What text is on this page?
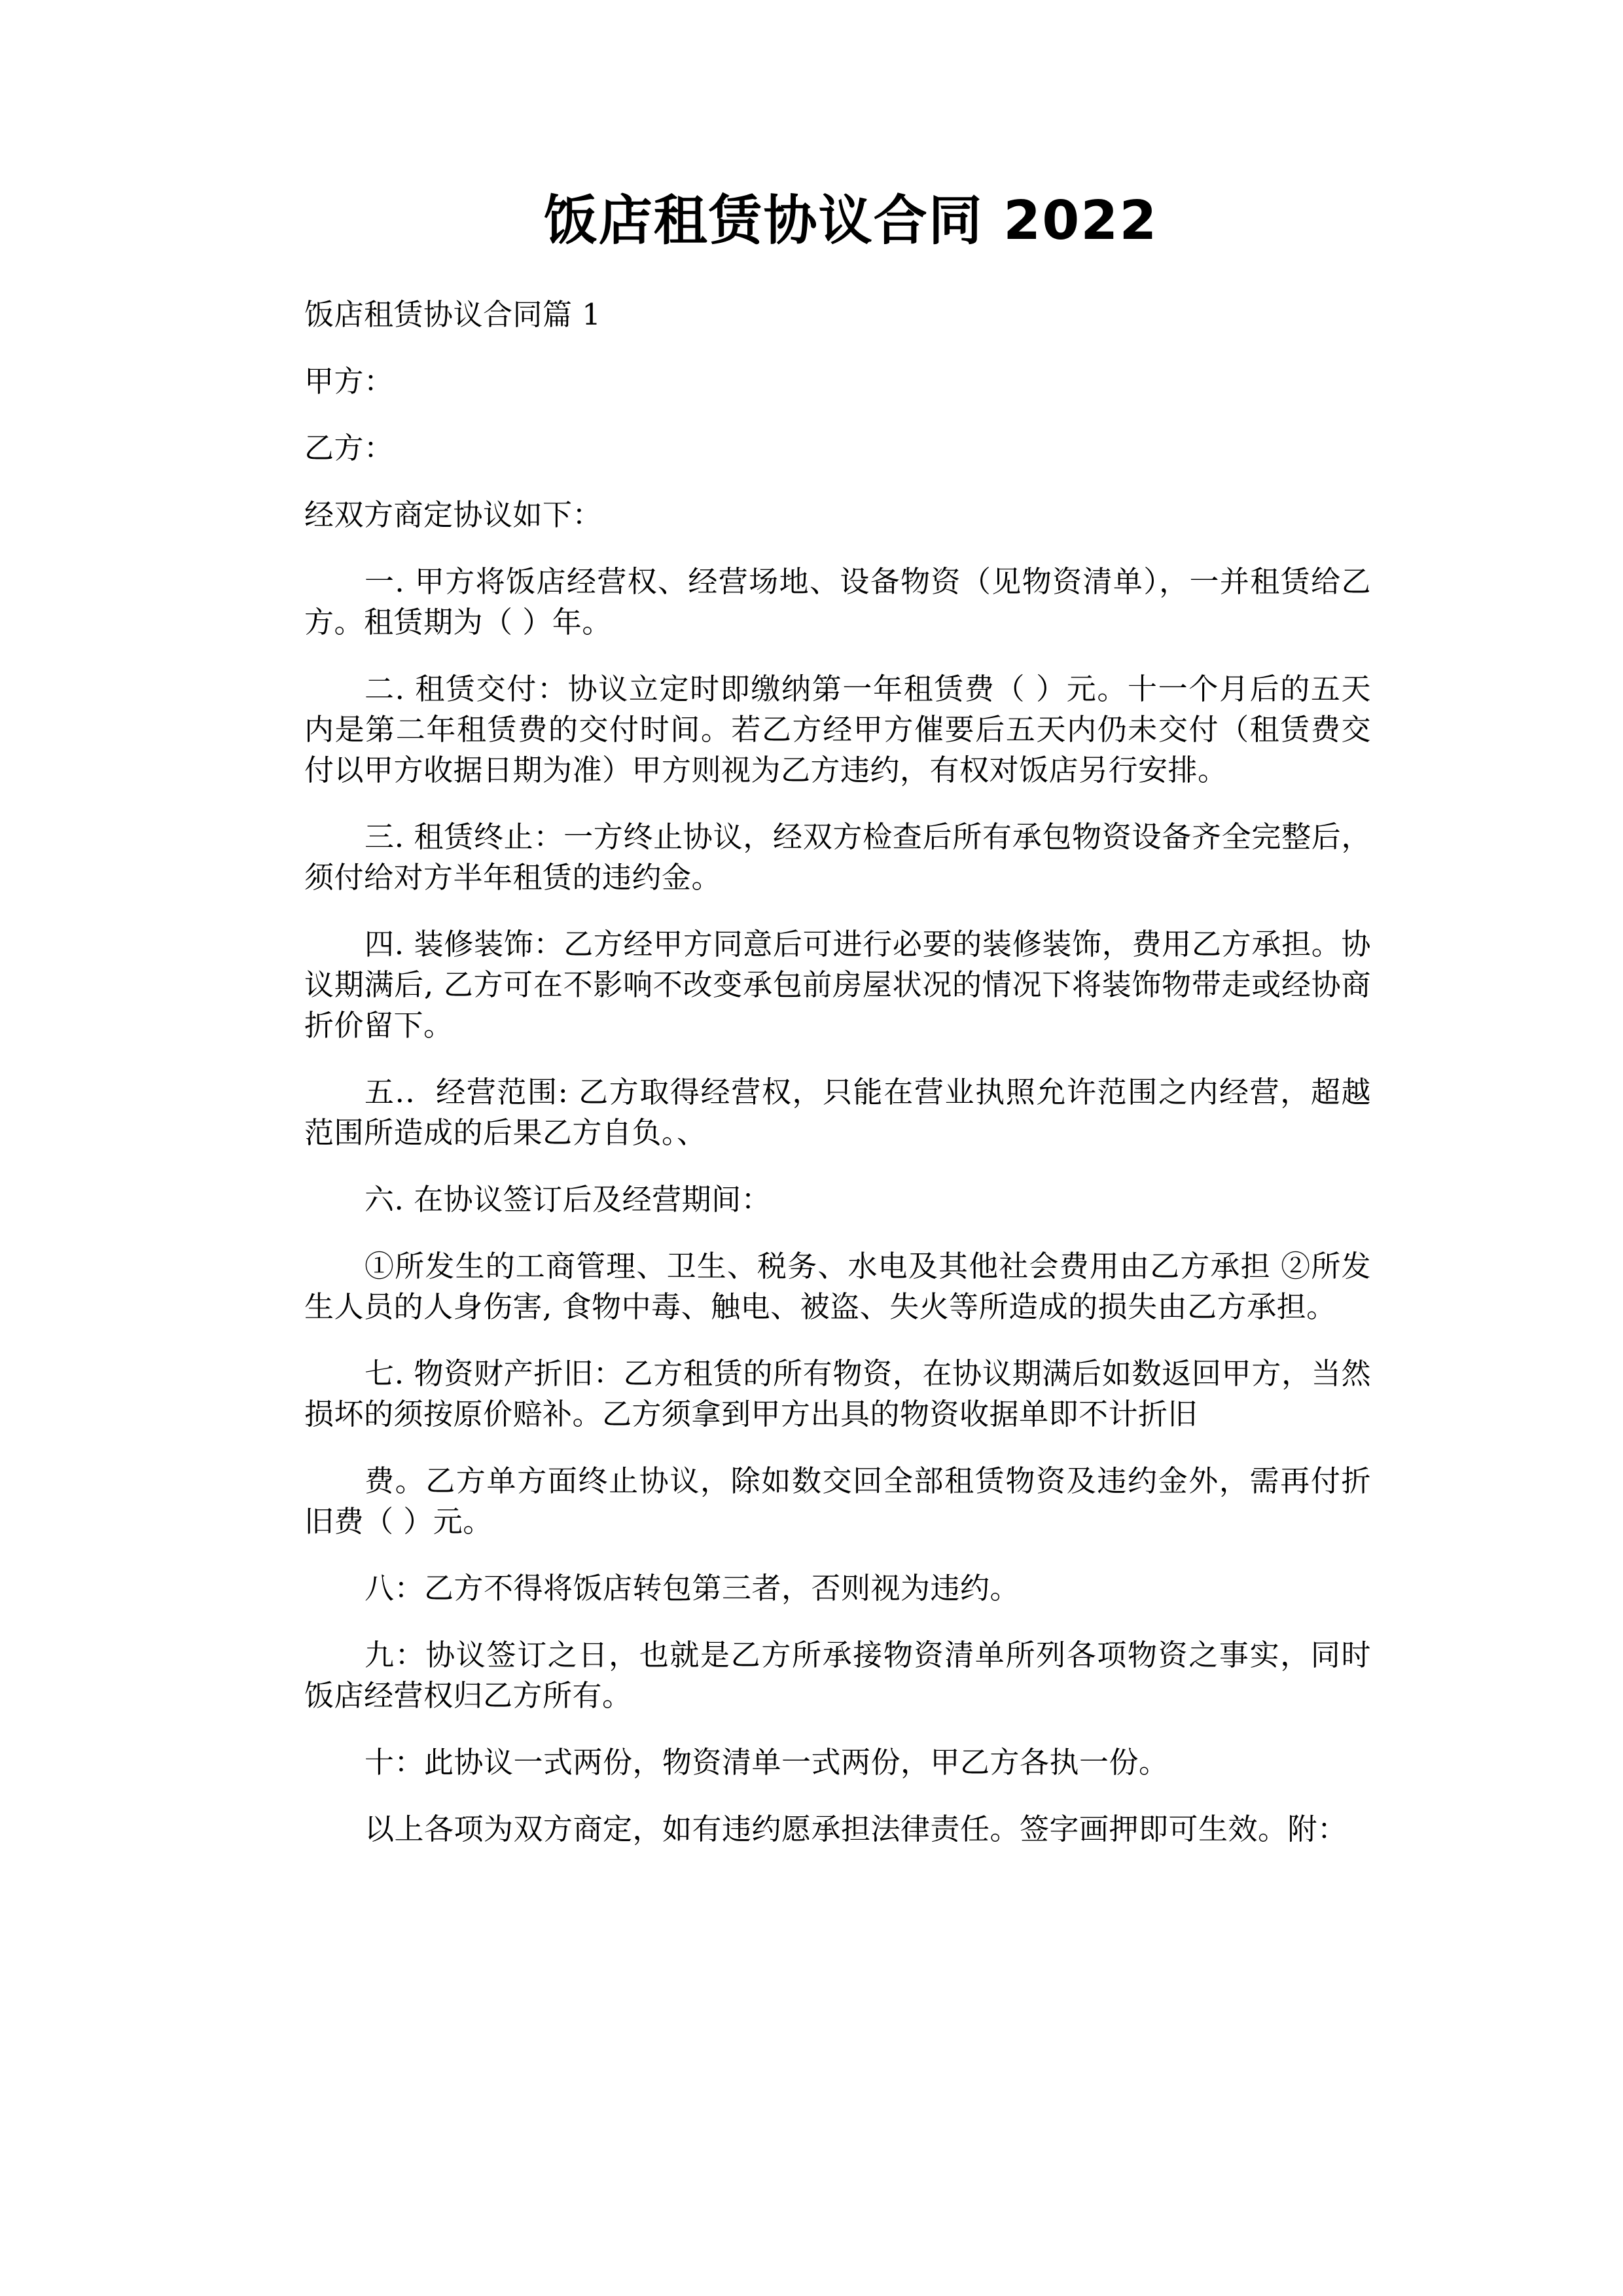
饭店租赁协议合同 2022

饭店租赁协议合同篇 1

甲方：

乙方：

经双方商定协议如下：

一. 甲方将饭店经营权、经营场地、设备物资（见物资清单），一并租赁给乙方。租赁期为（ ）年。

二. 租赁交付：协议立定时即缴纳第一年租赁费（ ）元。十一个月后的五天内是第二年租赁费的交付时间。若乙方经甲方催要后五天内仍未交付（租赁费交付以甲方收据日期为准）甲方则视为乙方违约，有权对饭店另行安排。

三. 租赁终止：一方终止协议，经双方检查后所有承包物资设备齐全完整后，须付给对方半年租赁的违约金。

四. 装修装饰：乙方经甲方同意后可进行必要的装修装饰，费用乙方承担。协议期满后, 乙方可在不影响不改变承包前房屋状况的情况下将装饰物带走或经协商折价留下。

五.．经营范围: 乙方取得经营权，只能在营业执照允许范围之内经营，超越范围所造成的后果乙方自负。、

六. 在协议签订后及经营期间：

①所发生的工商管理、卫生、税务、水电及其他社会费用由乙方承担 ②所发生人员的人身伤害, 食物中毒、触电、被盗、失火等所造成的损失由乙方承担。

七. 物资财产折旧：乙方租赁的所有物资，在协议期满后如数返回甲方，当然损坏的须按原价赔补。乙方须拿到甲方出具的物资收据单即不计折旧

费。乙方单方面终止协议，除如数交回全部租赁物资及违约金外，需再付折旧费（ ）元。

八：乙方不得将饭店转包第三者，否则视为违约。

九：协议签订之日，也就是乙方所承接物资清单所列各项物资之事实，同时饭店经营权归乙方所有。

十：此协议一式两份，物资清单一式两份，甲乙方各执一份。

以上各项为双方商定，如有违约愿承担法律责任。签字画押即可生效。附：
